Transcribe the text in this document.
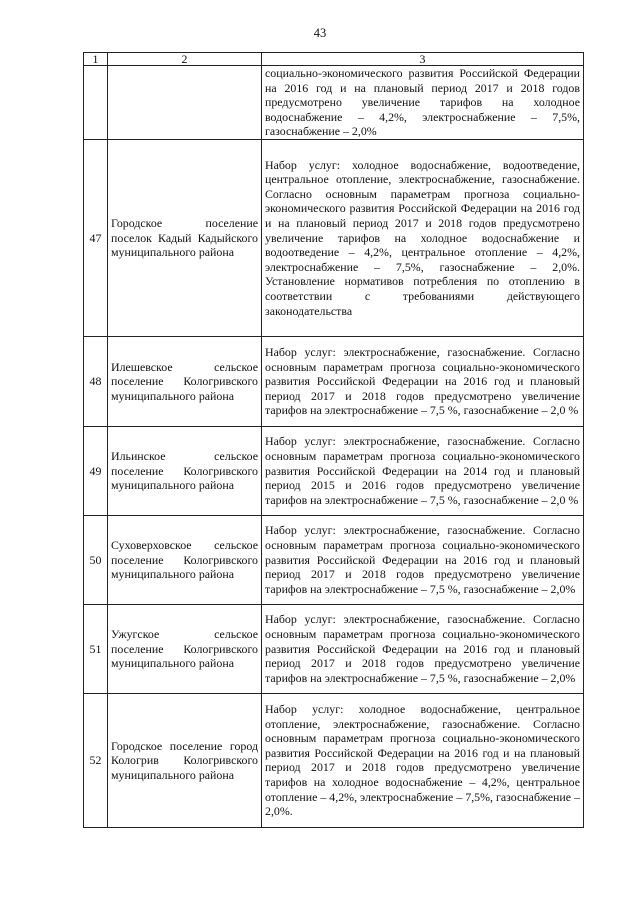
43
1	2	3
		социально-экономического развития Российской Федерации на 2016 год и на плановый период 2017 и 2018 годов предусмотрено увеличение тарифов на холодное водоснабжение – 4,2%, электроснабжение – 7,5%, газоснабжение – 2,0%
47	Городское поселение поселок Кадый Кадыйского муниципального района	Набор услуг: холодное водоснабжение, водоотведение, центральное отопление, электроснабжение, газоснабжение. Согласно основным параметрам прогноза социально-экономического развития Российской Федерации на 2016 год и на плановый период 2017 и 2018 годов предусмотрено увеличение тарифов на холодное водоснабжение и водоотведение – 4,2%, центральное отопление – 4,2%, электроснабжение – 7,5%, газоснабжение – 2,0%. Установление нормативов потребления по отоплению в соответствии с требованиями действующего законодательства
48	Илешевское сельское поселение Кологривского муниципального района	Набор услуг: электроснабжение, газоснабжение. Согласно основным параметрам прогноза социально-экономического развития Российской Федерации на 2016 год и плановый период 2017 и 2018 годов предусмотрено увеличение тарифов на электроснабжение – 7,5 %, газоснабжение – 2,0 %
49	Ильинское сельское поселение Кологривского муниципального района	Набор услуг: электроснабжение, газоснабжение. Согласно основным параметрам прогноза социально-экономического развития Российской Федерации на 2014 год и плановый период 2015 и 2016 годов предусмотрено увеличение тарифов на электроснабжение – 7,5 %, газоснабжение – 2,0 %
50	Суховерховское сельское поселение Кологривского муниципального района	Набор услуг: электроснабжение, газоснабжение. Согласно основным параметрам прогноза социально-экономического развития Российской Федерации на 2016 год и плановый период 2017 и 2018 годов предусмотрено увеличение тарифов на электроснабжение – 7,5 %, газоснабжение – 2,0%
51	Ужугское сельское поселение Кологривского муниципального района	Набор услуг: электроснабжение, газоснабжение. Согласно основным параметрам прогноза социально-экономического развития Российской Федерации на 2016 год и плановый период 2017 и 2018 годов предусмотрено увеличение тарифов на электроснабжение – 7,5 %, газоснабжение – 2,0%
52	Городское поселение город Кологрив Кологривского муниципального района	Набор услуг: холодное водоснабжение, центральное отопление, электроснабжение, газоснабжение. Согласно основным параметрам прогноза социально-экономического развития Российской Федерации на 2016 год и на плановый период 2017 и 2018 годов предусмотрено увеличение тарифов на холодное водоснабжение – 4,2%, центральное отопление – 4,2%, электроснабжение – 7,5%, газоснабжение – 2,0%.
